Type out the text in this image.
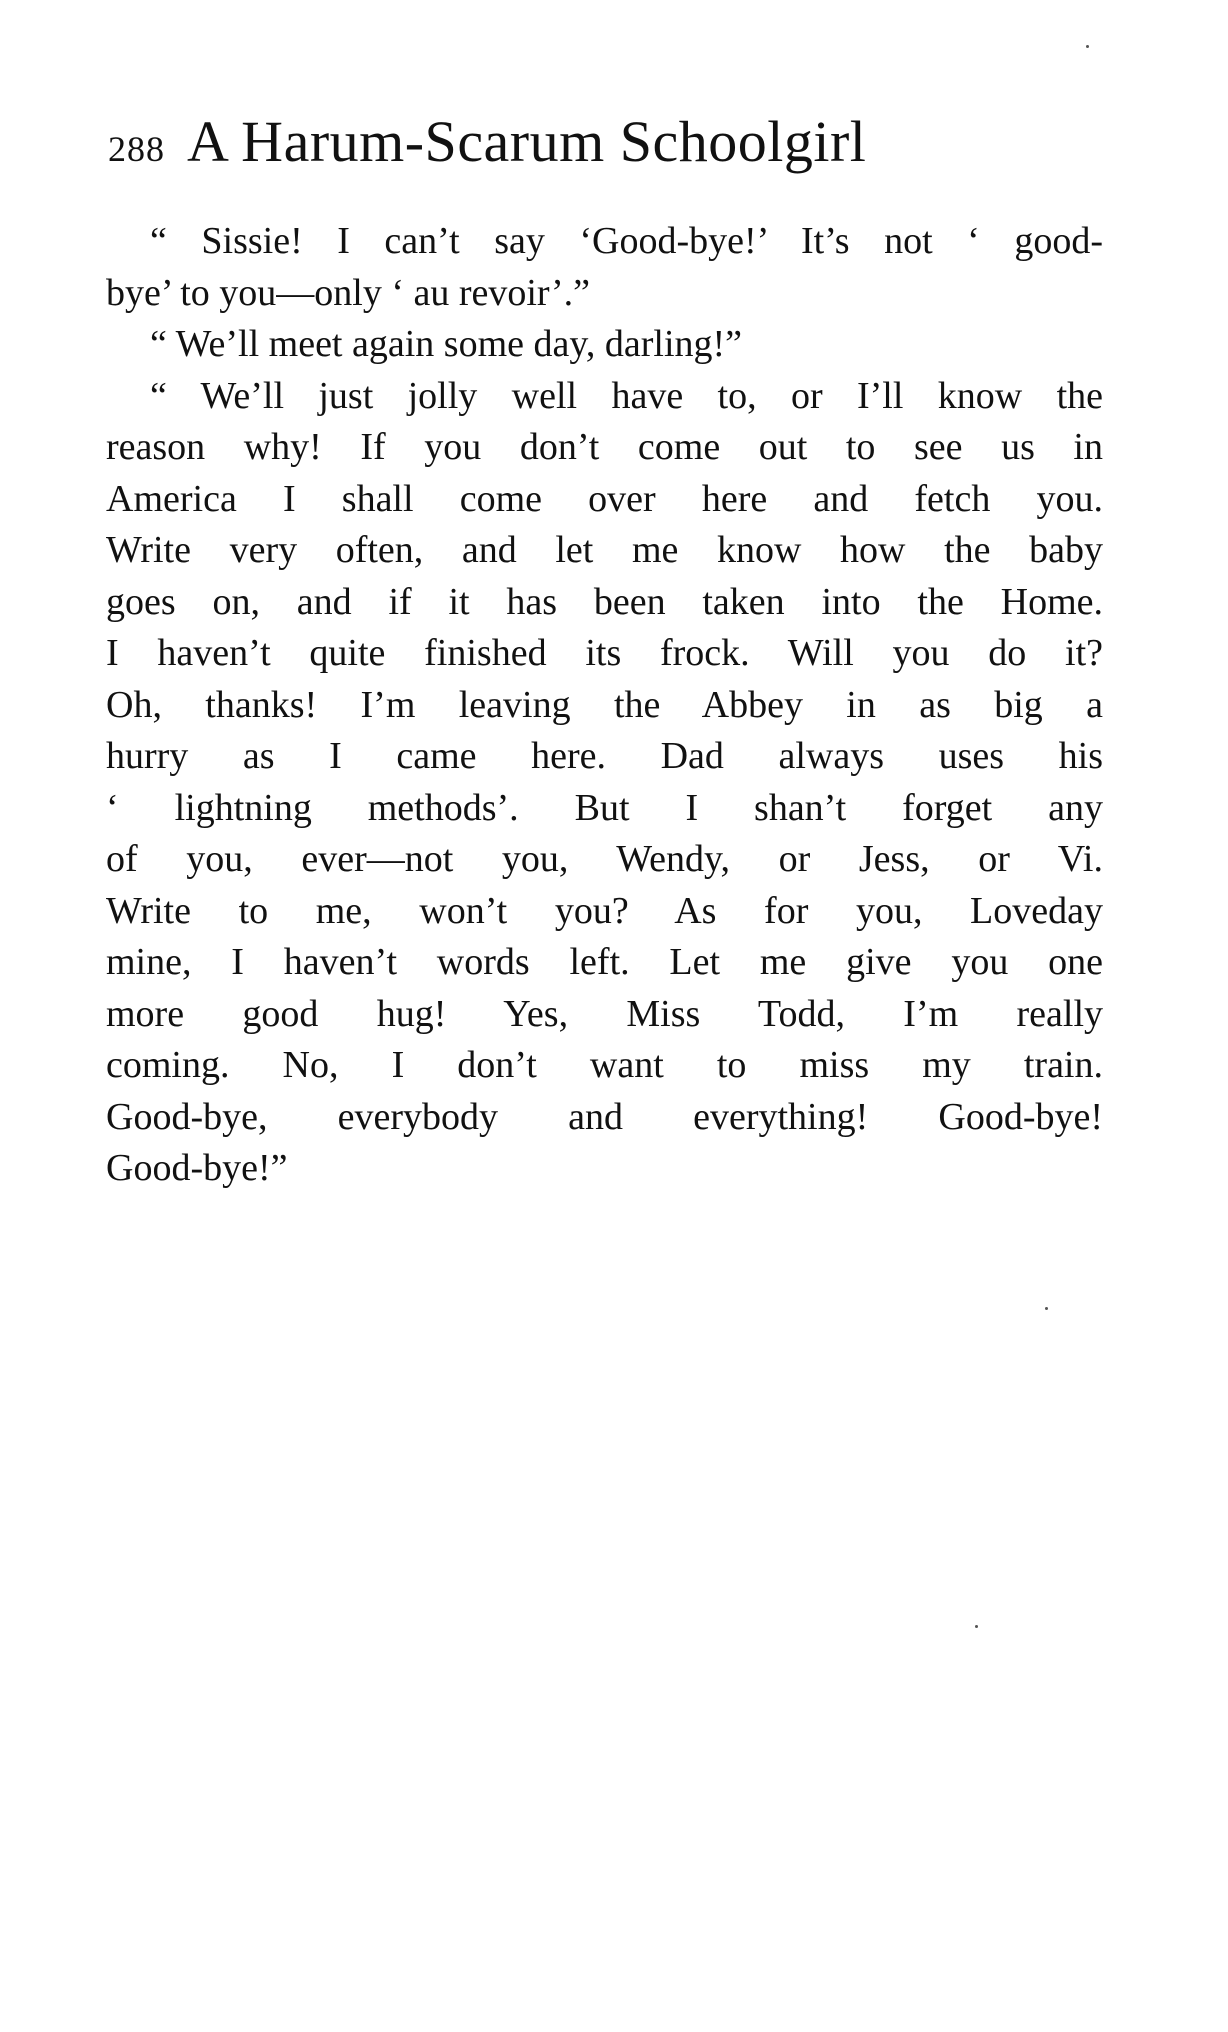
288 A Harum-Scarum Schoolgirl
“ Sissie! I can’t say ‘Good-bye!’ It’s not ‘ good-
bye’ to you—only ‘ au revoir’.”
“ We’ll meet again some day, darling!”
“ We’ll just jolly well have to, or I’ll know the
reason why! If you don’t come out to see us in
America I shall come over here and fetch you.
Write very often, and let me know how the baby
goes on, and if it has been taken into the Home.
I haven’t quite finished its frock. Will you do it?
Oh, thanks! I’m leaving the Abbey in as big a
hurry as I came here. Dad always uses his
‘ lightning methods’. But I shan’t forget any
of you, ever—not you, Wendy, or Jess, or Vi.
Write to me, won’t you? As for you, Loveday
mine, I haven’t words left. Let me give you one
more good hug! Yes, Miss Todd, I’m really
coming. No, I don’t want to miss my train.
Good-bye, everybody and everything! Good-bye!
Good-bye!”
